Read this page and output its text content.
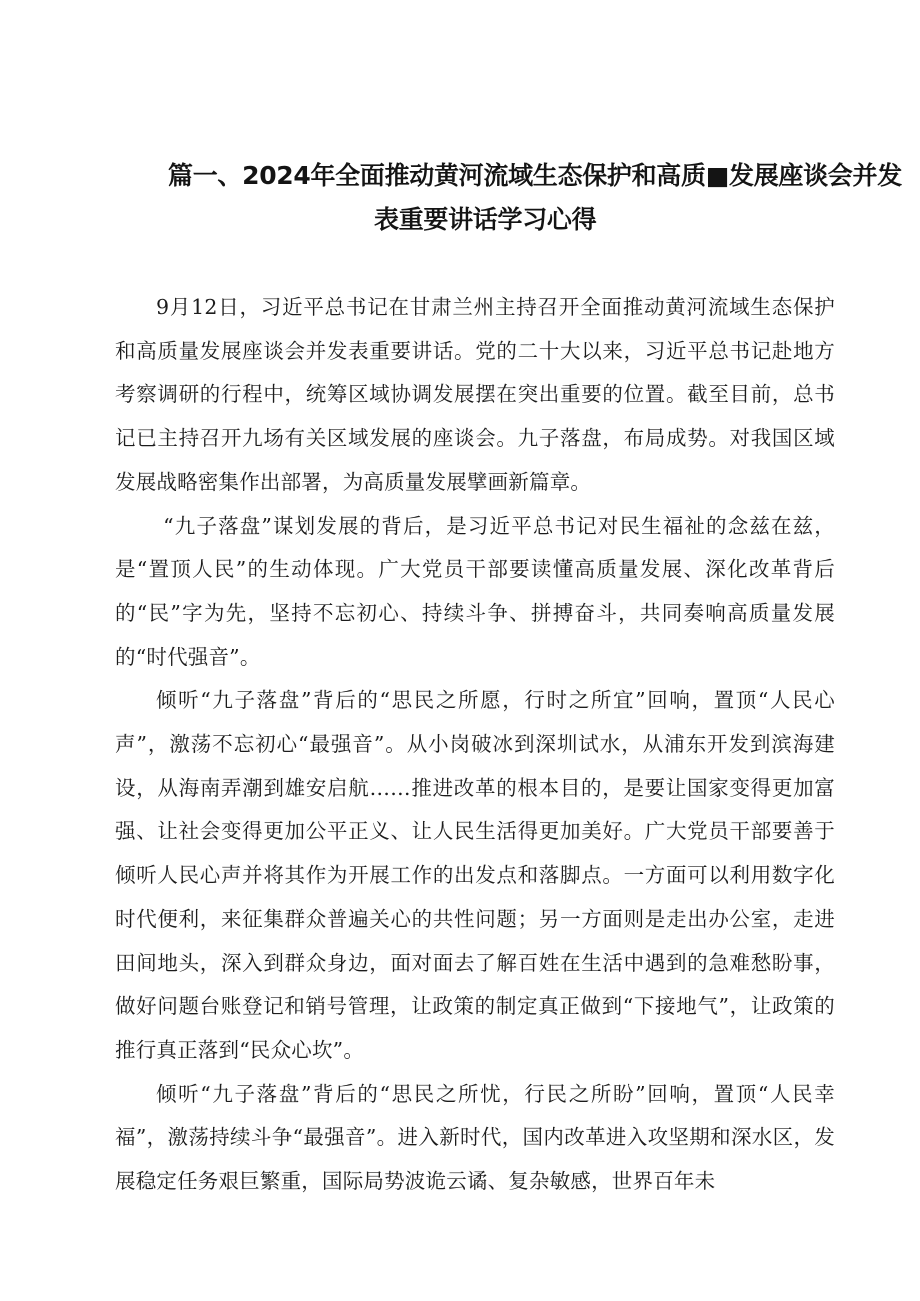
篇一、2024年全面推动黄河流域生态保护和高质■发展座谈会并发
表重要讲话学习心得

9月12日，习近平总书记在甘肃兰州主持召开全面推动黄河流域生态保护和高质量发展座谈会并发表重要讲话。党的二十大以来，习近平总书记赴地方考察调研的行程中，统筹区域协调发展摆在突出重要的位置。截至目前，总书记已主持召开九场有关区域发展的座谈会。九子落盘，布局成势。对我国区域发展战略密集作出部署，为高质量发展擘画新篇章。

“九子落盘”谋划发展的背后，是习近平总书记对民生福祉的念兹在兹，是“置顶人民”的生动体现。广大党员干部要读懂高质量发展、深化改革背后的“民”字为先，坚持不忘初心、持续斗争、拼搏奋斗，共同奏响高质量发展的“时代强音”。

倾听“九子落盘”背后的“思民之所愿，行时之所宜”回响，置顶“人民心声”，激荡不忘初心“最强音”。从小岗破冰到深圳试水，从浦东开发到滨海建设，从海南弄潮到雄安启航……推进改革的根本目的，是要让国家变得更加富强、让社会变得更加公平正义、让人民生活得更加美好。广大党员干部要善于倾听人民心声并将其作为开展工作的出发点和落脚点。一方面可以利用数字化时代便利，来征集群众普遍关心的共性问题；另一方面则是走出办公室，走进田间地头，深入到群众身边，面对面去了解百姓在生活中遇到的急难愁盼事，做好问题台账登记和销号管理，让政策的制定真正做到“下接地气”，让政策的推行真正落到“民众心坎”。

倾听“九子落盘”背后的“思民之所忧，行民之所盼”回响，置顶“人民幸福”，激荡持续斗争“最强音”。进入新时代，国内改革进入攻坚期和深水区，发展稳定任务艰巨繁重，国际局势波诡云谲、复杂敏感，世界百年未
